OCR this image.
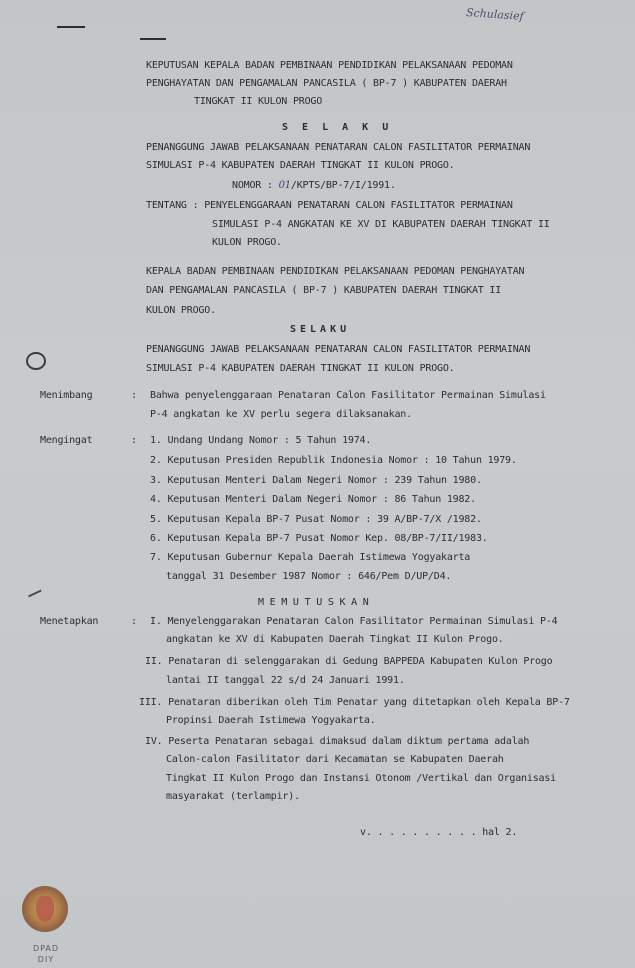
Schulasief
KEPUTUSAN KEPALA BADAN PEMBINAAN PENDIDIKAN PELAKSANAAN PEDOMAN
PENGHAYATAN DAN PENGAMALAN PANCASILA ( BP-7 ) KABUPATEN DAERAH
TINGKAT II KULON PROGO
S E L A K U
PENANGGUNG JAWAB PELAKSANAAN PENATARAN CALON FASILITATOR PERMAINAN
SIMULASI P-4 KABUPATEN DAERAH TINGKAT II KULON PROGO.
NOMOR : 01/KPTS/BP-7/I/1991.
TENTANG : PENYELENGGARAAN PENATARAN CALON FASILITATOR PERMAINAN
SIMULASI P-4 ANGKATAN KE XV DI KABUPATEN DAERAH TINGKAT II
KULON PROGO.
KEPALA BADAN PEMBINAAN PENDIDIKAN PELAKSANAAN PEDOMAN PENGHAYATAN
DAN PENGAMALAN PANCASILA ( BP-7 ) KABUPATEN DAERAH TINGKAT II
KULON PROGO.
SELAKU
PENANGGUNG JAWAB PELAKSANAAN PENATARAN CALON FASILITATOR PERMAINAN
SIMULASI P-4 KABUPATEN DAERAH TINGKAT II KULON PROGO.
Menimbang	: Bahwa penyelenggaraan Penataran Calon Fasilitator Permainan Simulasi
P-4 angkatan ke XV perlu segera dilaksanakan.
Mengingat	: 1. Undang Undang Nomor : 5 Tahun 1974.
2. Keputusan Presiden Republik Indonesia Nomor : 10 Tahun 1979.
3. Keputusan Menteri Dalam Negeri Nomor : 239 Tahun 1980.
4. Keputusan Menteri Dalam Negeri Nomor : 86 Tahun 1982.
5. Keputusan Kepala BP-7 Pusat Nomor : 39 A/BP-7/X /1982.
6. Keputusan Kepala BP-7 Pusat Nomor Kep. 08/BP-7/II/1983.
7. Keputusan Gubernur Kepala Daerah Istimewa Yogyakarta
tanggal 31 Desember 1987 Nomor : 646/Pem D/UP/D4.
M E M U T U S K A N
Menetapkan	: I. Menyelenggarakan Penataran Calon Fasilitator Permainan Simulasi P-4
angkatan ke XV di Kabupaten Daerah Tingkat II Kulon Progo.
II. Penataran di selenggarakan di Gedung BAPPEDA Kabupaten Kulon Progo
lantai II tanggal 22 s/d 24 Januari 1991.
III. Penataran diberikan oleh Tim Penatar yang ditetapkan oleh Kepala BP-7
Propinsi Daerah Istimewa Yogyakarta.
IV. Peserta Penataran sebagai dimaksud dalam diktum pertama adalah
Calon-calon Fasilitator dari Kecamatan se Kabupaten Daerah
Tingkat II Kulon Progo dan Instansi Otonom /Vertikal dan Organisasi
masyarakat (terlampir).
v. . . . . . . . . . hal 2.
DPAD
DIY
